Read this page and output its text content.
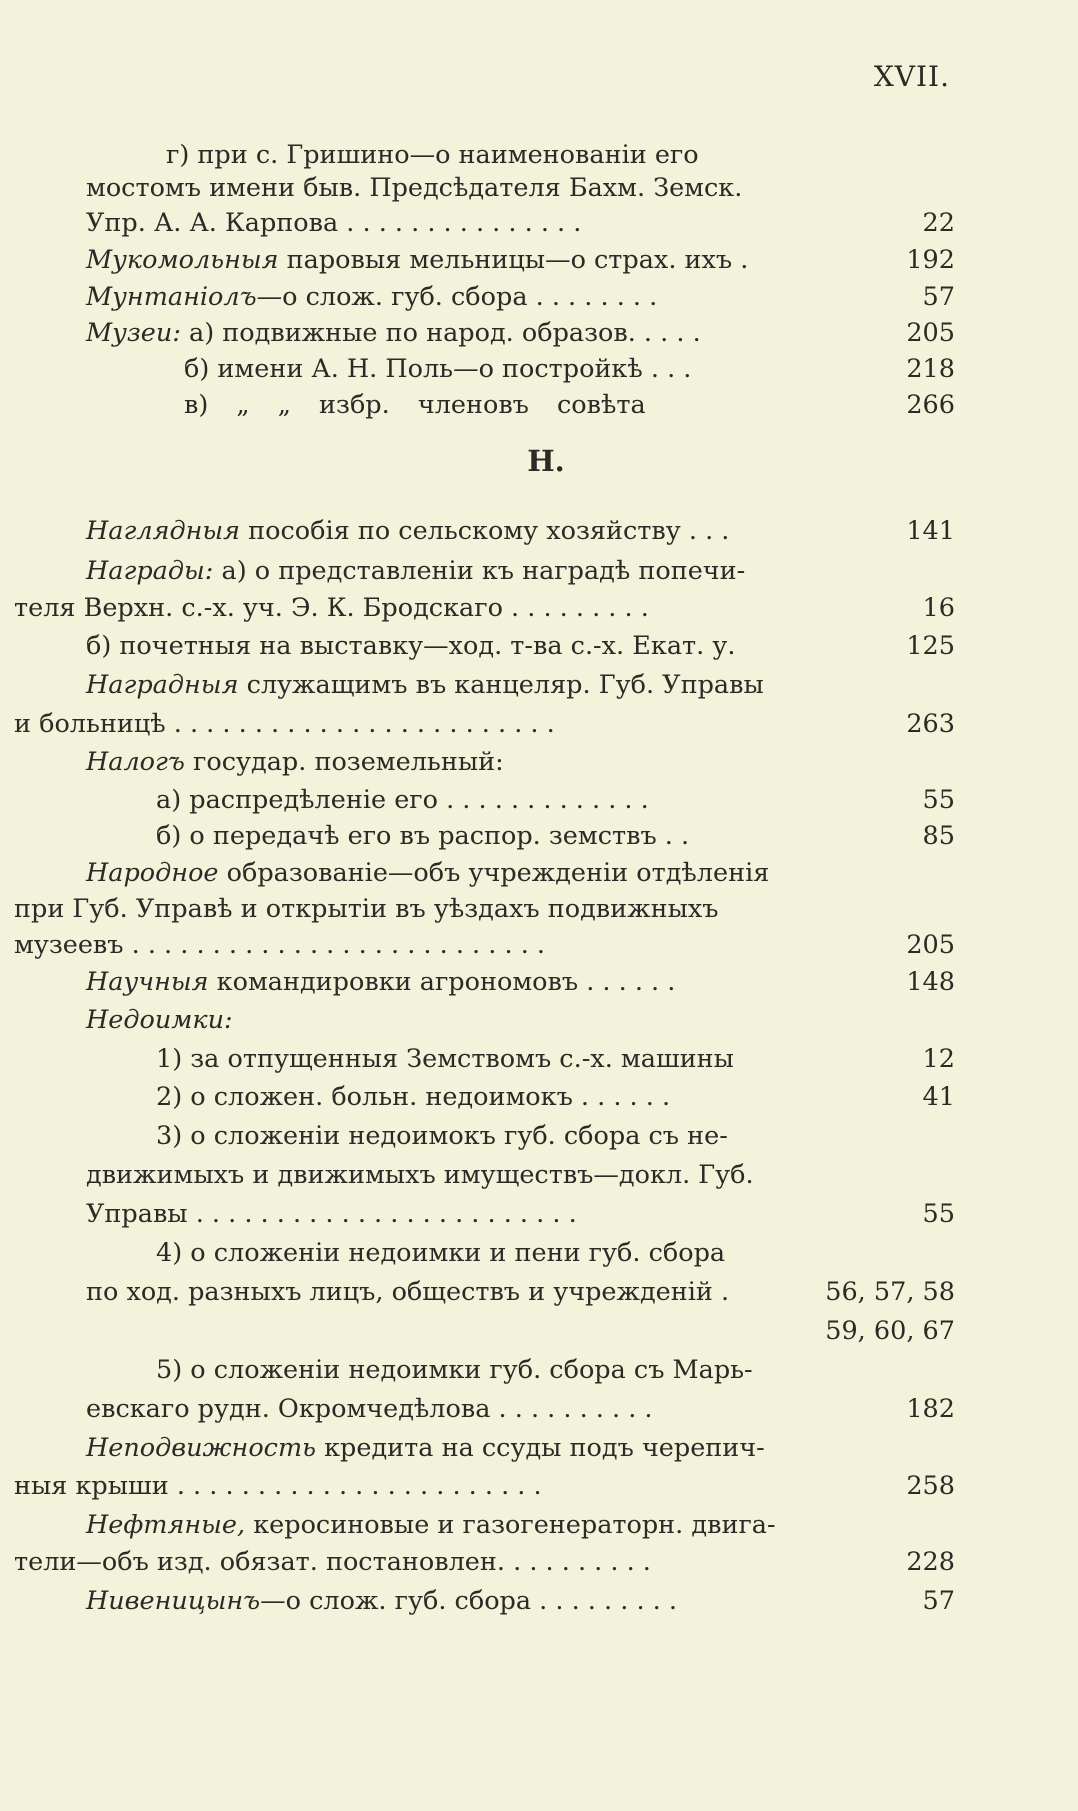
XVII.
г) при с. Гришино—о наименованіи его
мостомъ имени быв. Предсѣдателя Бахм. Земск.
Упр. А. А. Карпова . . . . . . . . . . . . . . .	22
Мукомольныя паровыя мельницы—о страх. ихъ .	192
Мунтаніолъ—о слож. губ. сбора . . . . . . . .	57
Музеи: а) подвижные по народ. образов. . . . .	205
б) имени А. Н. Поль—о постройкѣ . . .	218
в) „ „ избр. членовъ совѣта	266
Н.
Наглядныя пособія по сельскому хозяйству . . .	141
Награды: а) о представленіи къ наградѣ попечи-
теля Верхн. с.-х. уч. Э. К. Бродскаго . . . . . . . . .	16
б) почетныя на выставку—ход. т-ва с.-х. Екат. у.	125
Наградныя служащимъ въ канцеляр. Губ. Управы
и больницѣ . . . . . . . . . . . . . . . . . . . . . . . .	263
Налогъ государ. поземельный:
а) распредѣленіе его . . . . . . . . . . . . .	55
б) о передачѣ его въ распор. земствъ . .	85
Народное образованіе—объ учрежденіи отдѣленія
при Губ. Управѣ и открытіи въ уѣздахъ подвижныхъ
музеевъ . . . . . . . . . . . . . . . . . . . . . . . . . .	205
Научныя командировки агрономовъ . . . . . .	148
Недоимки:
1) за отпущенныя Земствомъ с.-х. машины	12
2) о сложен. больн. недоимокъ . . . . . .	41
3) о сложеніи недоимокъ губ. сбора съ не-
движимыхъ и движимыхъ имуществъ—докл. Губ.
Управы . . . . . . . . . . . . . . . . . . . . . . . .	55
4) о сложеніи недоимки и пени губ. сбора
по ход. разныхъ лицъ, обществъ и учрежденій .	56, 57, 58
59, 60, 67
5) о сложеніи недоимки губ. сбора съ Марь-
евскаго рудн. Окромчедѣлова . . . . . . . . . .	182
Неподвижность кредита на ссуды подъ черепич-
ныя крыши . . . . . . . . . . . . . . . . . . . . . . .	258
Нефтяные, керосиновые и газогенераторн. двига-
тели—объ изд. обязат. постановлен. . . . . . . . . .	228
Нивеницынъ—о слож. губ. сбора . . . . . . . . .	57
